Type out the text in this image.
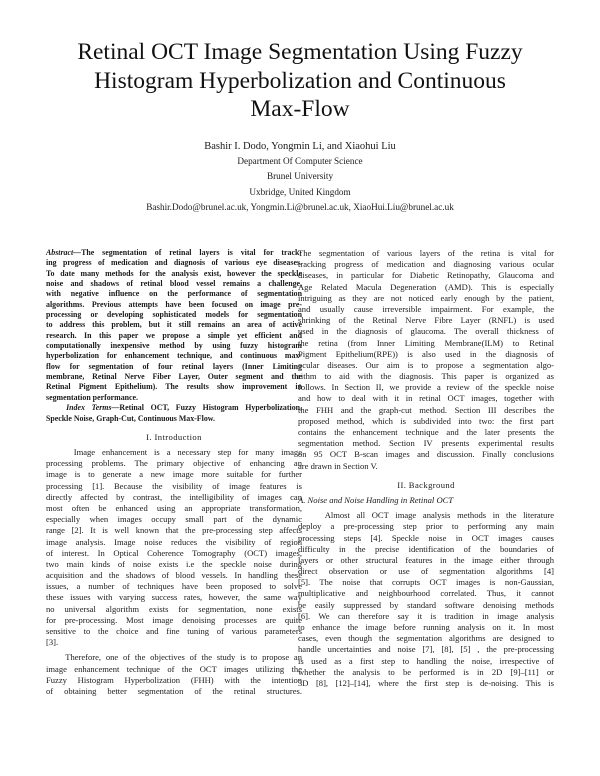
Retinal OCT Image Segmentation Using Fuzzy
Histogram Hyperbolization and Continuous
Max-Flow
Bashir I. Dodo, Yongmin Li, and Xiaohui Liu
Department Of Computer Science
Brunel University
Uxbridge, United Kingdom
Bashir.Dodo@brunel.ac.uk, Yongmin.Li@brunel.ac.uk, XiaoHui.Liu@brunel.ac.uk
Abstract—The segmentation of retinal layers is vital for track-
ing progress of medication and diagnosis of various eye diseases.
To date many methods for the analysis exist, however the speckle
noise and shadows of retinal blood vessel remains a challenge,
with negative influence on the performance of segmentation
algorithms. Previous attempts have been focused on image pre-
processing or developing sophisticated models for segmentation
to address this problem, but it still remains an area of active
research. In this paper we propose a simple yet efficient and
computationally inexpensive method by using fuzzy histogram
hyperbolization for enhancement technique, and continuous max-
flow for segmentation of four retinal layers (Inner Limiting
membrane, Retinal Nerve Fiber Layer, Outer segment and the
Retinal Pigment Epithelium). The results show improvement in
segmentation performance.
Index Terms—Retinal OCT, Fuzzy Histogram Hyperbolization,
Speckle Noise, Graph-Cut, Continuous Max-Flow.
I. Introduction
Image enhancement is a necessary step for many image
processing problems. The primary objective of enhancing an
image is to generate a new image more suitable for further
processing [1]. Because the visibility of image features is
directly affected by contrast, the intelligibility of images can
most often be enhanced using an appropriate transformation,
especially when images occupy small part of the dynamic
range [2]. It is well known that the pre-processing step affects
image analysis. Image noise reduces the visibility of region
of interest. In Optical Coherence Tomography (OCT) images,
two main kinds of noise exists i.e the speckle noise during
acquisition and the shadows of blood vessels. In handling these
issues, a number of techniques have been proposed to solve
these issues with varying success rates, however, the same way
no universal algorithm exists for segmentation, none exists
for pre-processing. Most image denoising processes are quite
sensitive to the choice and fine tuning of various parameters
[3].
Therefore, one of the objectives of the study is to propose an
image enhancement technique of the OCT images utilizing the
Fuzzy Histogram Hyperbolization (FHH) with the intention
of obtaining better segmentation of the retinal structures.
The segmentation of various layers of the retina is vital for
tracking progress of medication and diagnosing various ocular
diseases, in particular for Diabetic Retinopathy, Glaucoma and
Age Related Macula Degeneration (AMD). This is especially
intriguing as they are not noticed early enough by the patient,
and usually cause irreversible impairment. For example, the
shrinking of the Retinal Nerve Fibre Layer (RNFL) is used
used in the diagnosis of glaucoma. The overall thickness of
the retina (from Inner Limiting Membrane(ILM) to Retinal
Pigment Epithelium(RPE)) is also used in the diagnosis of
ocular diseases. Our aim is to propose a segmentation algo-
rithm to aid with the diagnosis. This paper is organized as
follows. In Section II, we provide a review of the speckle noise
and how to deal with it in retinal OCT images, together with
the FHH and the graph-cut method. Section III describes the
proposed method, which is subdivided into two: the first part
contains the enhancement technique and the later presents the
segmentation method. Section IV presents experimental results
on 95 OCT B-scan images and discussion. Finally conclusions
are drawn in Section V.
II. Background
A. Noise and Noise Handling in Retinal OCT
Almost all OCT image analysis methods in the literature
deploy a pre-processing step prior to performing any main
processing steps [4]. Speckle noise in OCT images causes
difficulty in the precise identification of the boundaries of
layers or other structural features in the image either through
direct observation or use of segmentation algorithms [4]
[5]. The noise that corrupts OCT images is non-Gaussian,
multiplicative and neighbourhood correlated. Thus, it cannot
be easily suppressed by standard software denoising methods
[6]. We can therefore say it is tradition in image analysis
to enhance the image before running analysis on it. In most
cases, even though the segmentation algorithms are designed to
handle uncertainties and noise [7], [8], [5] , the pre-processing
is used as a first step to handling the noise, irrespective of
whether the analysis to be performed is in 2D [9]–[11] or
3D [8], [12]–[14], where the first step is de-noising. This is
